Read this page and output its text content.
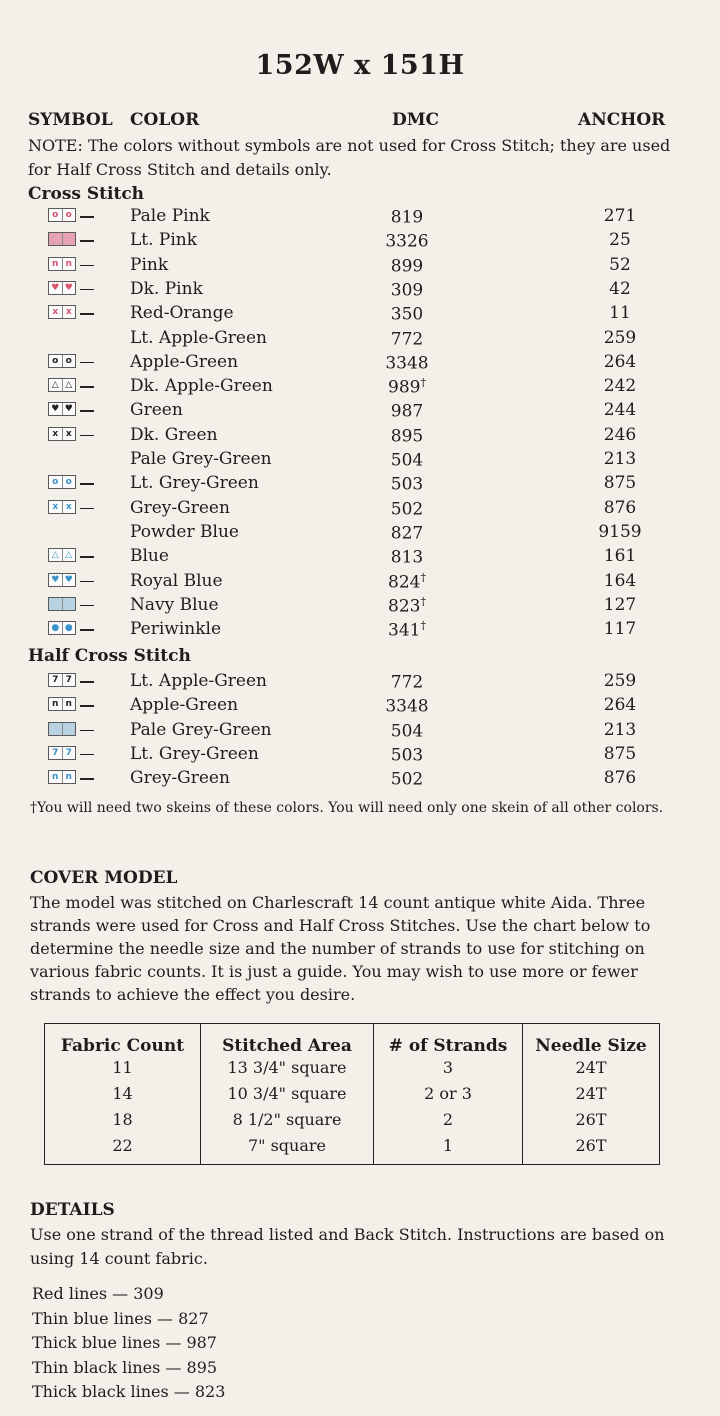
152W x 151H
SYMBOL COLOR	DMC	ANCHOR
NOTE: The colors without symbols are not used for Cross Stitch; they are used for Half Cross Stitch and details only.
Cross Stitch
o o	Pale Pink	819	271
Lt. Pink	3326	25
n n	Pink	899	52
♥ ♥	Dk. Pink	309	42
x x	Red-Orange	350	11
Lt. Apple-Green	772	259
o o	Apple-Green	3348	264
△ △	Dk. Apple-Green	989†	242
♥ ♥	Green	987	244
x x	Dk. Green	895	246
Pale Grey-Green	504	213
o o	Lt. Grey-Green	503	875
x x	Grey-Green	502	876
Powder Blue	827	9159
△ △	Blue	813	161
♥ ♥	Royal Blue	824†	164
Navy Blue	823†	127
● ●	Periwinkle	341†	117
Half Cross Stitch
7 7	Lt. Apple-Green	772	259
n n	Apple-Green	3348	264
Pale Grey-Green	504	213
7 7	Lt. Grey-Green	503	875
n n	Grey-Green	502	876
†You will need two skeins of these colors. You will need only one skein of all other colors.
COVER MODEL
The model was stitched on Charlescraft 14 count antique white Aida. Three strands were used for Cross and Half Cross Stitches. Use the chart below to determine the needle size and the number of strands to use for stitching on various fabric counts. It is just a guide. You may wish to use more or fewer strands to achieve the effect you desire.
Fabric Count	Stitched Area	# of Strands	Needle Size
11	13 3/4" square	3	24T
14	10 3/4" square	2 or 3	24T
18	8 1/2" square	2	26T
22	7" square	1	26T
DETAILS
Use one strand of the thread listed and Back Stitch. Instructions are based on using 14 count fabric.
Red lines — 309
Thin blue lines — 827
Thick blue lines — 987
Thin black lines — 895
Thick black lines — 823
